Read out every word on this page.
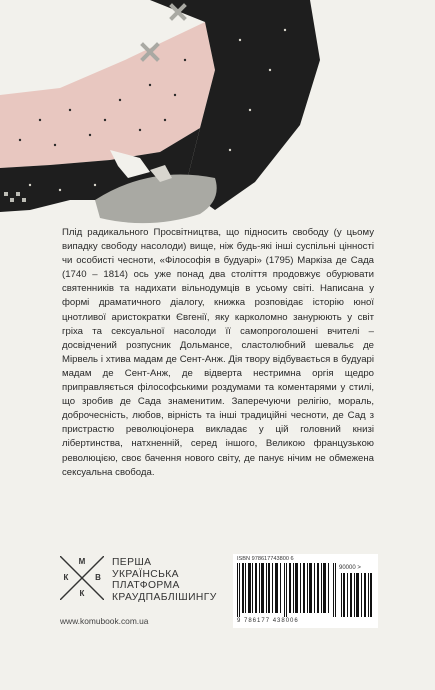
Плід радикального Просвітництва, що підносить свободу (у цьому випадку свободу насолоди) вище, ніж будь-які інші суспільні цінності чи особисті чесноти, «Філософія в будуарі» (1795) Маркіза де Сада (1740 – 1814) ось уже понад два століття продовжує обурювати святенників та надихати вільнодумців в усьому світі. Написана у формі драматичного діалогу, книжка розповідає історію юної цнотливої аристократки Євгенії, яку карколомно занурюють у світ гріха та сексуальної насолоди її самопроголошені вчителі – досвідчений розпусник Дольмансе, сластолюбний шевальє де Мірвель і хтива мадам де Сент-Анж. Дія твору відбувається в будуарі мадам де Сент-Анж, де відверта нестримна оргія щедро приправляється філософськими роздумами та коментарями у стилі, що зробив де Сада знаменитим. Заперечуючи релігію, мораль, доброчесність, любов, вірність та інші традиційні чесноти, де Сад з пристрастю революціонера викладає у цій головний книзі лібертинства, натхненній, серед іншого, Великою французькою революцією, своє бачення нового світу, де панує нічим не обмежена сексуальна свобода.

М
К	В
К
ПЕРША
УКРАЇНСЬКА
ПЛАТФОРМА
КРАУДПАБЛІШИНГУ
www.komubook.com.ua
ISBN 978617743800 6
90000 >
9 786177 438006
